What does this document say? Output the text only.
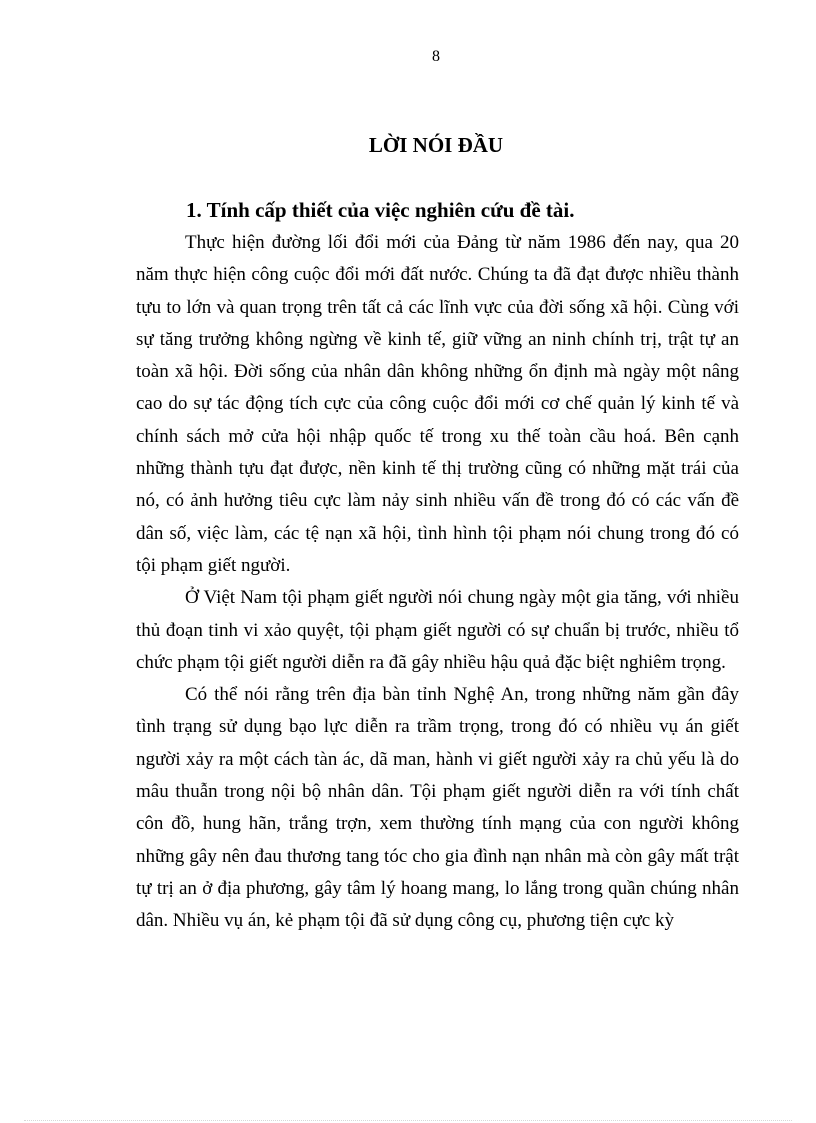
8
LỜI NÓI ĐẦU
1. Tính cấp thiết của việc nghiên cứu đề tài.

Thực hiện đường lối đổi mới của Đảng từ năm 1986 đến nay, qua 20 năm thực hiện công cuộc đổi mới đất nước. Chúng ta đã đạt được nhiều thành tựu to lớn và quan trọng trên tất cả các lĩnh vực của đời sống xã hội. Cùng với sự tăng trưởng không ngừng về kinh tế, giữ vững an ninh chính trị, trật tự an toàn xã hội. Đời sống của nhân dân không những ổn định mà ngày một nâng cao do sự tác động tích cực của công cuộc đổi mới cơ chế quản lý kinh tế và chính sách mở cửa hội nhập quốc tế trong xu thế toàn cầu hoá. Bên cạnh những thành tựu đạt được, nền kinh tế thị trường cũng có những mặt trái của nó, có ảnh hưởng tiêu cực làm nảy sinh nhiều vấn đề trong đó có các vấn đề dân số, việc làm, các tệ nạn xã hội, tình hình tội phạm nói chung trong đó có tội phạm giết người.

Ở Việt Nam tội phạm giết người nói chung ngày một gia tăng, với nhiều thủ đoạn tinh vi xảo quyệt, tội phạm giết người có sự chuẩn bị trước, nhiều tổ chức phạm tội giết người diễn ra đã gây nhiều hậu quả đặc biệt nghiêm trọng.

Có thể nói rằng trên địa bàn tỉnh Nghệ An, trong những năm gần đây tình trạng sử dụng bạo lực diễn ra trầm trọng, trong đó có nhiều vụ án giết người xảy ra một cách tàn ác, dã man, hành vi giết người xảy ra chủ yếu là do mâu thuẫn trong nội bộ nhân dân. Tội phạm giết người diễn ra với tính chất côn đồ, hung hãn, trắng trợn, xem thường tính mạng của con người không những gây nên đau thương tang tóc cho gia đình nạn nhân mà còn gây mất trật tự trị an ở địa phương, gây tâm lý hoang mang, lo lắng trong quần chúng nhân dân. Nhiều vụ án, kẻ phạm tội đã sử dụng công cụ, phương tiện cực kỳ
